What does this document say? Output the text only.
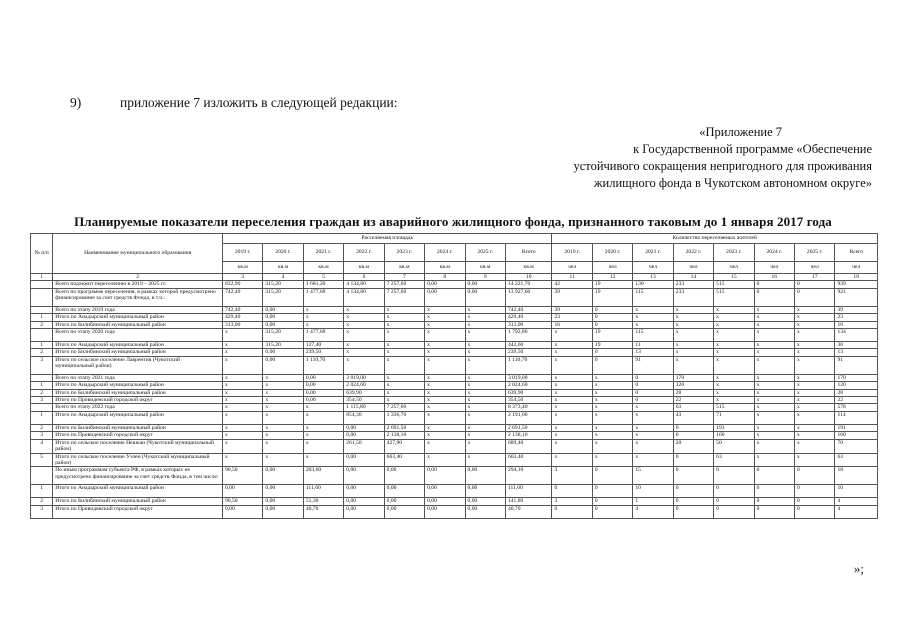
9)	приложение 7 изложить в следующей редакции:
«Приложение 7
к Государственной программе «Обеспечение
устойчивого сокращения непригодного для проживания
жилищного фонда в Чукотском автономном округе»
Планируемые показатели переселения граждан из аварийного жилищного фонда, признанного таковым до 1 января 2017 года
№ п/п	Наименование муниципального образования	Расселяемая площадь								Количество переселяемых жителей							
		2019 г.	2020 г.	2021 г.	2022 г.	2023 г.	2024 г.	2025 г.	Всего	2019 г.	2020 г.	2021 г.	2022 г.	2023 г.	2024 г.	2025 г.	Всего
		кв.м	кв.м	кв.м	кв.м	кв.м	кв.м	кв.м	кв.м	чел	чел	чел	чел	чел	чел	чел	чел
1	2	3	4	5	6	7	8	9	10	11	12	13	14	15	16	17	18
	Всего подлежит переселению в 2019 – 2025 гг.	832,90	315,20	1 681,20	4 134,80	7 257,60	0,00	0,00	14 221,70	42	19	130	233	515	0	0	939
	Всего по программе переселения, в рамках которой предусмотрено финансирование за счет средств Фонда, в т.ч.:	742,40	315,20	1 477,60	4 134,80	7 257,60	0,00	0,00	13 927,60	39	19	115	233	515	0	0	921
	Всего по этапу 2019 года	742,40	0,00	x	x	x	x	x	742,40	39	0	x	x	x	x	x	39
1	Итого по Анадырский муниципальный район	429,40	0,00	x	x	x	x	x	429,40	23	0	x	x	x	x	x	23
2	Итого по Билибинский муниципальный район	313,00	0,00	x	x	x	x	x	313,00	16	0	x	x	x	x	x	16
	Всего по этапу 2020 года	x	315,20	1 477,60	x	x	x	x	1 792,80	x	19	115	x	x	x	x	134
1	Итого по Анадырский муниципальный район	x	315,20	127,40	x	x	x	x	442,60	x	19	11	x	x	x	x	30
2	Итого по Билибинский муниципальный район	x	0,00	239,50	x	x	x	x	239,50	x	0	13	x	x	x	x	13
3	Итого по сельское поселение Лаврентия (Чукотский муниципальный район)	x	0,00	1 110,70	x	x	x	x	1 110,70	x	0	91	x	x	x	x	91
	Всего по этапу 2021 года	x	x	0,00	3 019,00	x	x	x	3 019,00	x	x	0	170	x	x	x	170
1	Итого по Анадырский муниципальный район	x	x	0,00	2 024,60	x	x	x	2 024,60	x	x	0	120	x	x	x	120
2	Итого по Билибинский муниципальный район	x	x	0,00	639,90	x	x	x	639,90	x	x	0	28	x	x	x	28
3	Итого по Провиденский городской округ	x	x	0,00	354,50	x	x	x	354,50	x	x	0	22	x	x	x	22
	Всего по этапу 2022 года	x	x	x	1 115,80	7 257,60	x	x	8 373,40	x	x	x	63	515	x	x	578
1	Итого по Анадырский муниципальный район	x	x	x	854,30	1 336,70	x	x	2 191,00	x	x	x	43	71	x	x	114
2	Итого по Билибинский муниципальный район	x	x	x	0,00	2 691,50	x	x	2 691,50	x	x	x	0	191	x	x	191
3	Итого по Провиденский городской округ	x	x	x	0,00	2 138,10	x	x	2 138,10	x	x	x	0	160	x	x	160
4	Итого по сельское поселение Нешкан (Чукотский муниципальный район)	x	x	x	261,50	427,90	x	x	689,40	x	x	x	20	50	x	x	70
5	Итого по сельское поселение Уэлен (Чукотский муниципальный район)	x	x	x	0,00	663,40	x	x	663,40	x	x	x	0	63	x	x	63
	По иным программам субъекта РФ, в рамках которых не предусмотрено финансирование за счет средств Фонда, в том числе:	90,50	0,00	203,60	0,00	0,00	0,00	0,00	294,10	3	0	15	0	0	0	0	18
1	Итого по Анадырский муниципальный район	0,00	0,00	111,60	0,00	0,00	0,00	0,00	111,60	0	0	10	0	0	0	0	10
2	Итого по Билибинский муниципальный район	90,50	0,00	51,30	0,00	0,00	0,00	0,00	141,80	3	0	1	0	0	0	0	4
3	Итого по Провиденский городской округ	0,00	0,00	40,70	0,00	0,00	0,00	0,00	40,70	0	0	4	0	0	0	0	4
»;
